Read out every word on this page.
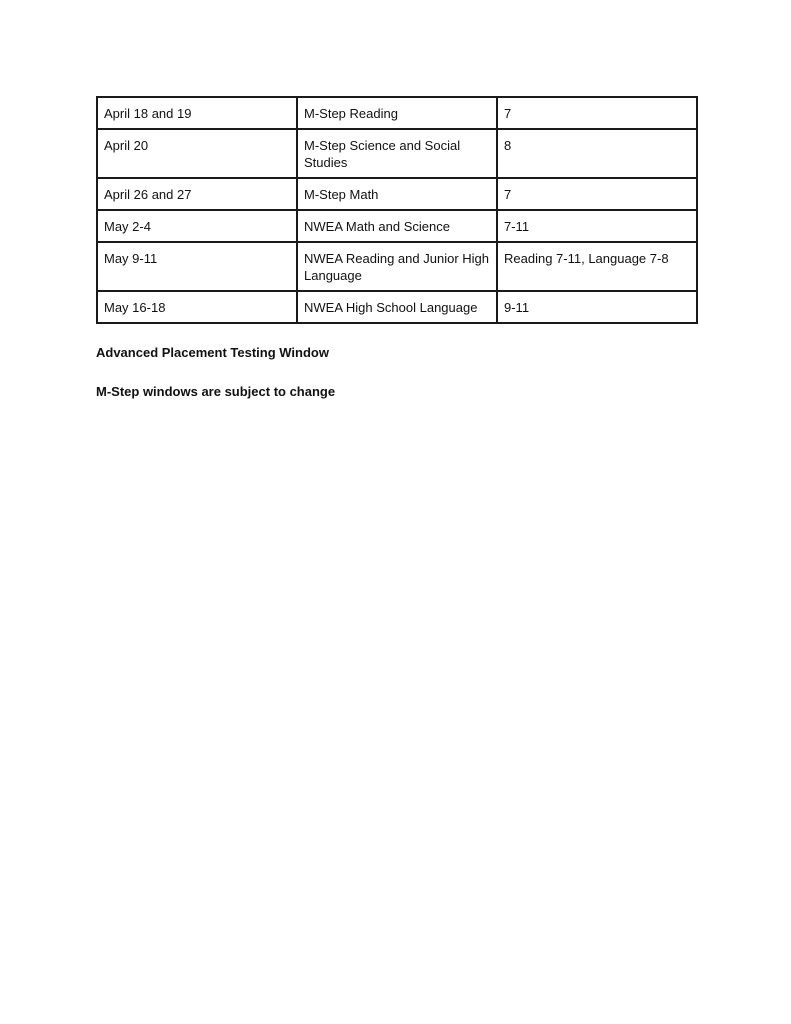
April 18 and 19	M-Step Reading	7
April 20	M-Step Science and Social Studies	8
April 26 and 27	M-Step Math	7
May 2-4	NWEA Math and Science	7-11
May 9-11	NWEA Reading and Junior High Language	Reading 7-11, Language 7-8
May 16-18	NWEA High School Language	9-11
Advanced Placement Testing Window
M-Step windows are subject to change
